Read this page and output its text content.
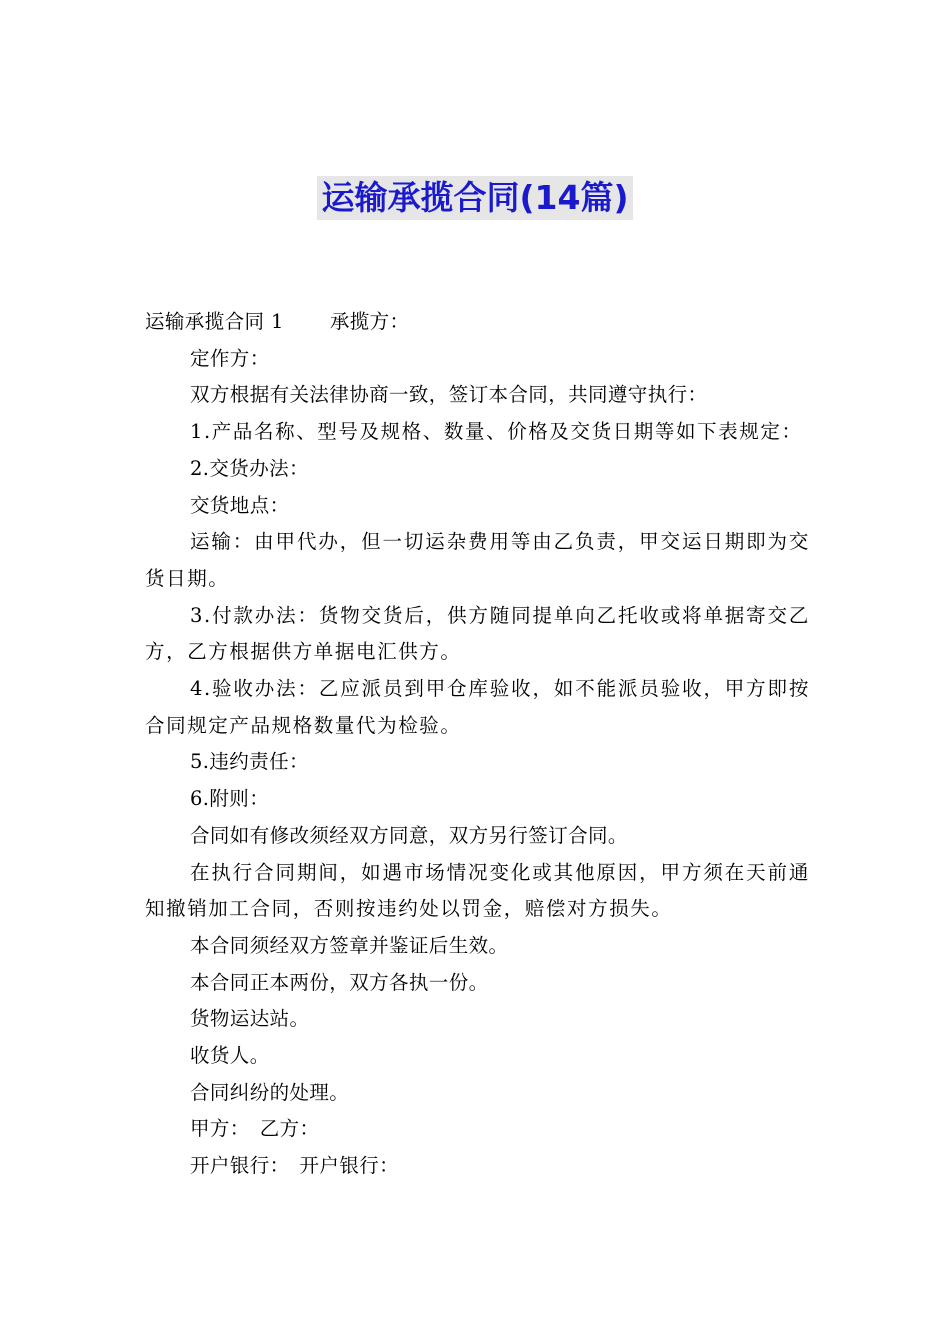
运输承揽合同(14篇)

运输承揽合同 1 承揽方：

定作方：

双方根据有关法律协商一致，签订本合同，共同遵守执行：

1.产品名称、型号及规格、数量、价格及交货日期等如下表规定：

2.交货办法：

交货地点：

运输：由甲代办，但一切运杂费用等由乙负责，甲交运日期即为交货日期。

3.付款办法：货物交货后，供方随同提单向乙托收或将单据寄交乙方，乙方根据供方单据电汇供方。

4.验收办法：乙应派员到甲仓库验收，如不能派员验收，甲方即按合同规定产品规格数量代为检验。

5.违约责任：

6.附则：

合同如有修改须经双方同意，双方另行签订合同。

在执行合同期间，如遇市场情况变化或其他原因，甲方须在天前通知撤销加工合同，否则按违约处以罚金，赔偿对方损失。

本合同须经双方签章并鉴证后生效。

本合同正本两份，双方各执一份。

货物运达站。

收货人。

合同纠纷的处理。

甲方： 乙方：

开户银行： 开户银行：
